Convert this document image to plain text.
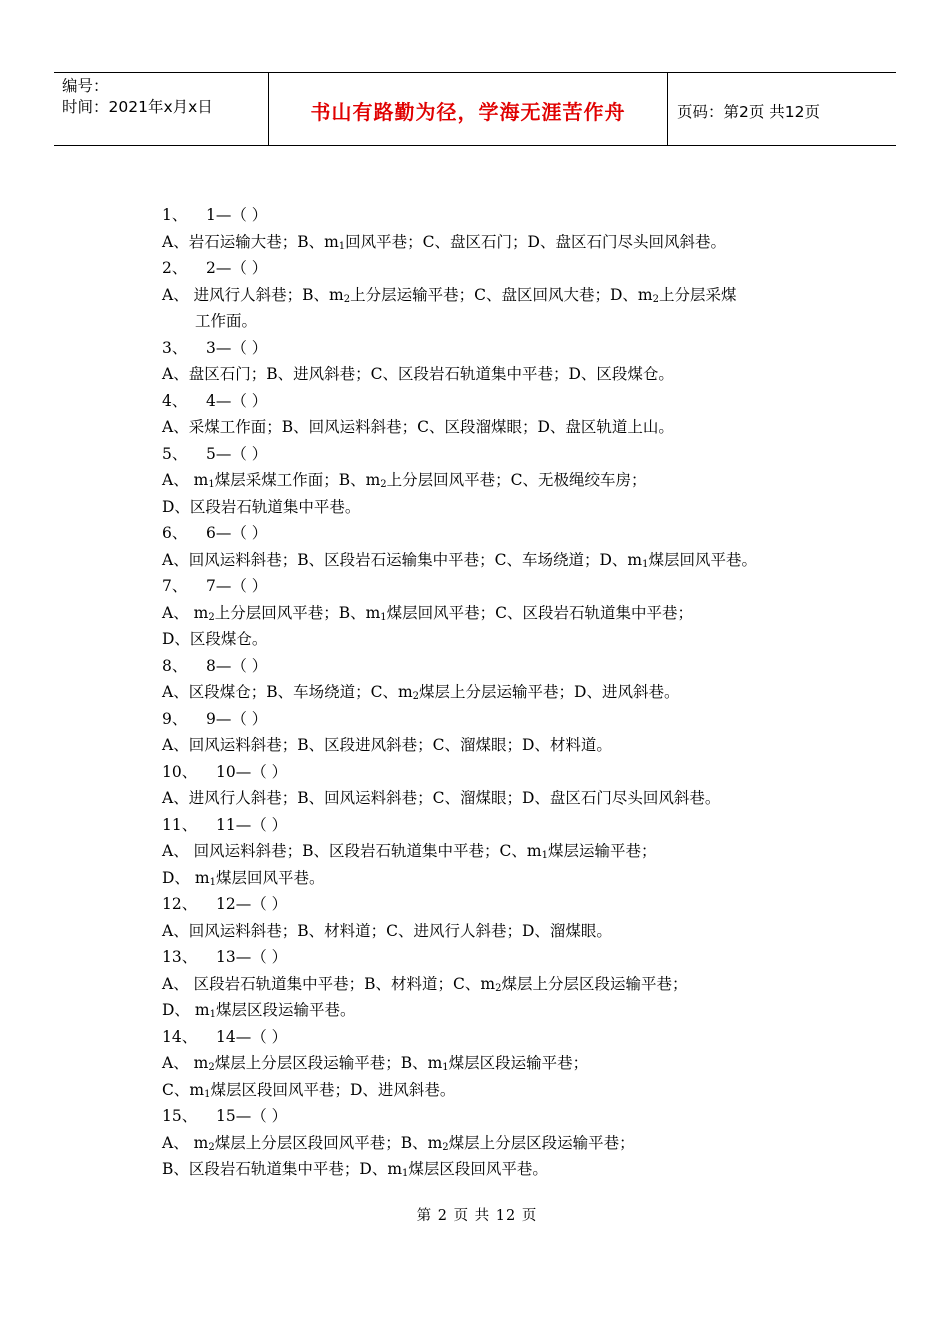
编号：
时间：2021年x月x日	书山有路勤为径，学海无涯苦作舟	页码：第2页 共12页
1、 1—（ ）
A、岩石运输大巷；B、$m_1$回风平巷；C、盘区石门；D、盘区石门尽头回风斜巷。
2、 2—（ ）
A、 进风行人斜巷；B、$m_2$上分层运输平巷；C、盘区回风大巷；D、$m_2$上分层采煤
工作面。
3、 3—（ ）
A、盘区石门；B、进风斜巷；C、区段岩石轨道集中平巷；D、区段煤仓。
4、 4—（ ）
A、采煤工作面；B、回风运料斜巷；C、区段溜煤眼；D、盘区轨道上山。
5、 5—（ ）
A、 $m_1$煤层采煤工作面；B、$m_2$上分层回风平巷；C、无极绳绞车房；
D、区段岩石轨道集中平巷。
6、 6—（ ）
A、回风运料斜巷；B、区段岩石运输集中平巷；C、车场绕道；D、$m_1$煤层回风平巷。
7、 7—（ ）
A、 $m_2$上分层回风平巷；B、$m_1$煤层回风平巷；C、区段岩石轨道集中平巷；
D、区段煤仓。
8、 8—（ ）
A、区段煤仓；B、车场绕道；C、$m_2$煤层上分层运输平巷；D、进风斜巷。
9、 9—（ ）
A、回风运料斜巷；B、区段进风斜巷；C、溜煤眼；D、材料道。
10、 10—（ ）
A、进风行人斜巷；B、回风运料斜巷；C、溜煤眼；D、盘区石门尽头回风斜巷。
11、 11—（ ）
A、 回风运料斜巷；B、区段岩石轨道集中平巷；C、$m_1$煤层运输平巷；
D、 $m_1$煤层回风平巷。
12、 12—（ ）
A、回风运料斜巷；B、材料道；C、进风行人斜巷；D、溜煤眼。
13、 13—（ ）
A、 区段岩石轨道集中平巷；B、材料道；C、$m_2$煤层上分层区段运输平巷；
D、 $m_1$煤层区段运输平巷。
14、 14—（ ）
A、 $m_2$煤层上分层区段运输平巷；B、$m_1$煤层区段运输平巷；
C、$m_1$煤层区段回风平巷；D、进风斜巷。
15、 15—（ ）
A、 $m_2$煤层上分层区段回风平巷；B、$m_2$煤层上分层区段运输平巷；
B、区段岩石轨道集中平巷；D、$m_1$煤层区段回风平巷。
第 2 页 共 12 页
